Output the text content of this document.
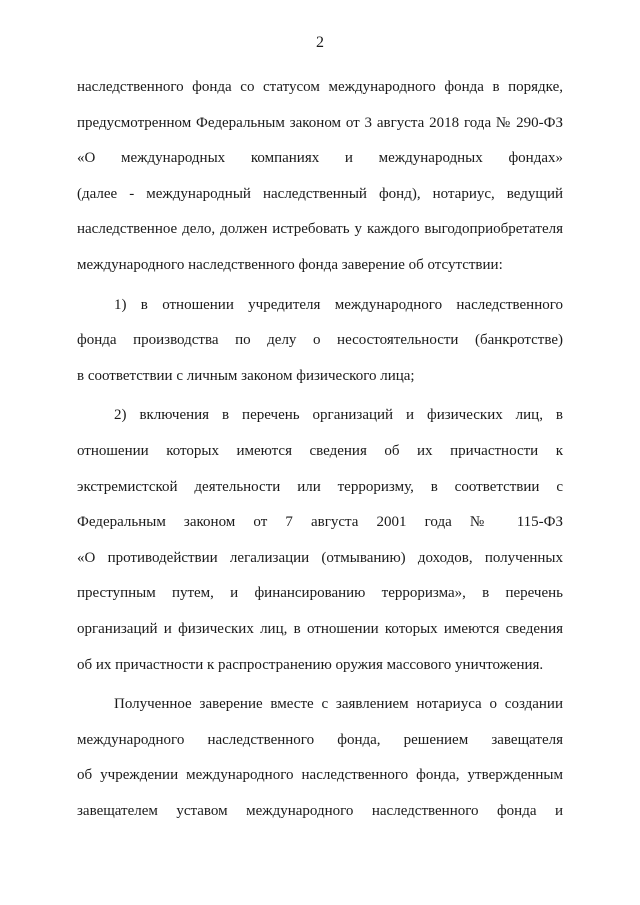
2
наследственного фонда со статусом международного фонда в порядке,
предусмотренном Федеральным законом от 3 августа 2018 года № 290-ФЗ
«О международных компаниях и международных фондах»
(далее - международный наследственный фонд), нотариус, ведущий
наследственное дело, должен истребовать у каждого выгодоприобретателя
международного наследственного фонда заверение об отсутствии:
1) в отношении учредителя международного наследственного
фонда производства по делу о несостоятельности (банкротстве)
в соответствии с личным законом физического лица;
2) включения в перечень организаций и физических лиц, в
отношении которых имеются сведения об их причастности к
экстремистской деятельности или терроризму, в соответствии с
Федеральным законом от 7 августа 2001 года № 115-ФЗ
«О противодействии легализации (отмыванию) доходов, полученных
преступным путем, и финансированию терроризма», в перечень
организаций и физических лиц, в отношении которых имеются сведения
об их причастности к распространению оружия массового уничтожения.
Полученное заверение вместе с заявлением нотариуса о создании
международного наследственного фонда, решением завещателя
об учреждении международного наследственного фонда, утвержденным
завещателем уставом международного наследственного фонда и
